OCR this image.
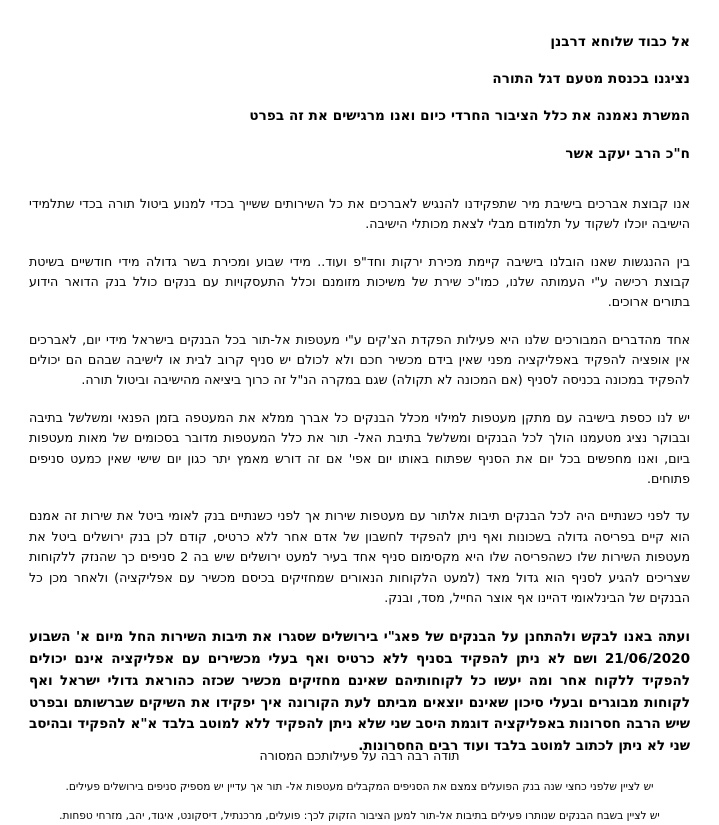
אל כבוד שלוחא דרבנן

נציגנו בכנסת מטעם דגל התורה

המשרת נאמנה את כלל הציבור החרדי כיום ואנו מרגישים את זה בפרט

ח"כ הרב יעקב אשר

אנו קבוצת אברכים בישיבת מיר שתפקידנו להנגיש לאברכים את כל השירותים ששייך בכדי למנוע ביטול תורה בכדי שתלמידי הישיבה יוכלו לשקוד על תלמודם מבלי לצאת מכותלי הישיבה.

בין ההנגשות שאנו הובלנו בישיבה קיימת מכירת ירקות וחד"פ ועוד.. מידי שבוע ומכירת בשר גדולה מידי חודשיים בשיטת קבוצת רכישה ע"י העמותה שלנו, כמו"כ שירת של משיכות מזומנם וכלל התעסקויות עם בנקים כולל בנק הדואר הידוע בתורים ארוכים.

אחד מהדברים המבורכים שלנו היא פעילות הפקדת הצ'קים ע"י מעטפות אל-תור בכל הבנקים בישראל מידי יום, לאברכים אין אופציה להפקיד באפליקציה מפני שאין בידם מכשיר חכם ולא לכולם יש סניף קרוב לבית או לישיבה שבהם הם יכולים להפקיד במכונה בכניסה לסניף (אם המכונה לא תקולה) שגם במקרה הנ"ל זה כרוך ביציאה מהישיבה וביטול תורה.

יש לנו כספת בישיבה עם מתקן מעטפות למילוי מכלל הבנקים כל אברך ממלא את המעטפה בזמן הפנאי ומשלשל בתיבה ובבוקר נציג מטעמנו הולך לכל הבנקים ומשלשל בתיבת האל- תור את כלל המעטפות מדובר בסכומים של מאות מעטפות ביום, ואנו מחפשים בכל יום את הסניף שפתוח באותו יום אפי' אם זה דורש מאמץ יתר כגון יום שישי שאין כמעט סניפים פתוחים.

עד לפני כשנתיים היה לכל הבנקים תיבות אלתור עם מעטפות שירות אך לפני כשנתיים בנק לאומי ביטל את שירות זה אמנם הוא קיים בפריסה גדולה בשכונות ואף ניתן להפקיד לחשבון של אדם אחר ללא כרטיס, קודם לכן בנק ירושלים ביטל את מעטפות השירות שלו כשהפריסה שלו היא מקסימום סניף אחד בעיר למעט ירושלים שיש בה 2 סניפים כך שהנזק ללקוחות שצריכים להגיע לסניף הוא גדול מאד (למעט הלקוחות הנאורים שמחזיקים בכיסם מכשיר עם אפליקציה) ולאחר מכן כל הבנקים של הבינלאומי דהיינו אף אוצר החייל, מסד, ובנק.

ועתה באנו לבקש ולהתחנן על הבנקים של פאג"י בירושלים שסגרו את תיבות השירות החל מיום א' השבוע 21/06/2020 ושם לא ניתן להפקיד בסניף ללא כרטיס ואף בעלי מכשירים עם אפליקציה אינם יכולים להפקיד ללקוח אחר ומה יעשו כל לקוחותיהם שאינם מחזיקים מכשיר שכזה כהוראת גדולי ישראל ואף לקוחות מבוגרים ובעלי סיכון שאינם יוצאים מביתם לעת הקורונה איך יפקידו את השיקים שברשותם ובפרט שיש הרבה חסרונות באפליקציה דוגמת היסב שני שלא ניתן להפקיד ללא למוטב בלבד א"א להפקיד ובהיסב שני לא ניתן לכתוב למוטב בלבד ועוד רבים החסרונות.

יש לציין שלפני כחצי שנה בנק הפועלים צמצם את הסניפים המקבלים מעטפות אל- תור אך עדיין יש מספיק סניפים בירושלים פעילים.

יש לציין בשבח הבנקים שנותרו פעילים בתיבות אל-תור למען הציבור הזקוק לכך: פועלים, מרכנתיל, דיסקונט, איגוד, יהב, מזרחי טפחות.

תודה רבה רבה על פעילותכם המסורה
